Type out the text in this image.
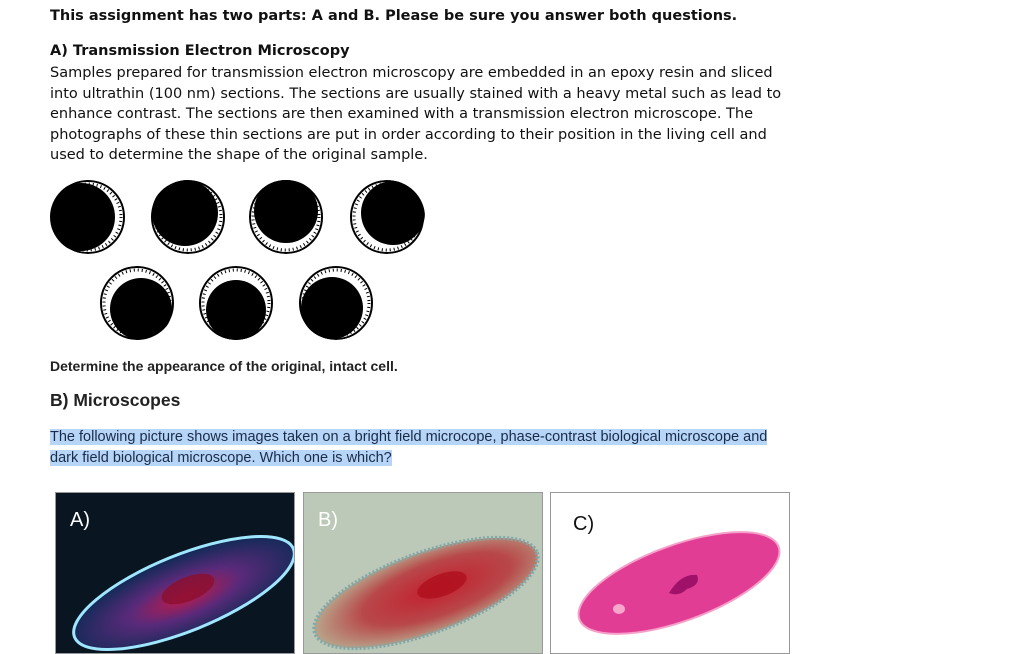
This assignment has two parts: A and B. Please be sure you answer both questions.
A) Transmission Electron Microscopy
Samples prepared for transmission electron microscopy are embedded in an epoxy resin and sliced into ultrathin (100 nm) sections. The sections are usually stained with a heavy metal such as lead to enhance contrast. The sections are then examined with a transmission electron microscope. The photographs of these thin sections are put in order according to their position in the living cell and used to determine the shape of the original sample.
Determine the appearance of the original, intact cell.
B) Microscopes
The following picture shows images taken on a bright field microcope, phase-contrast biological microscope and dark field biological microscope. Which one is which?
A)	B)	C)
